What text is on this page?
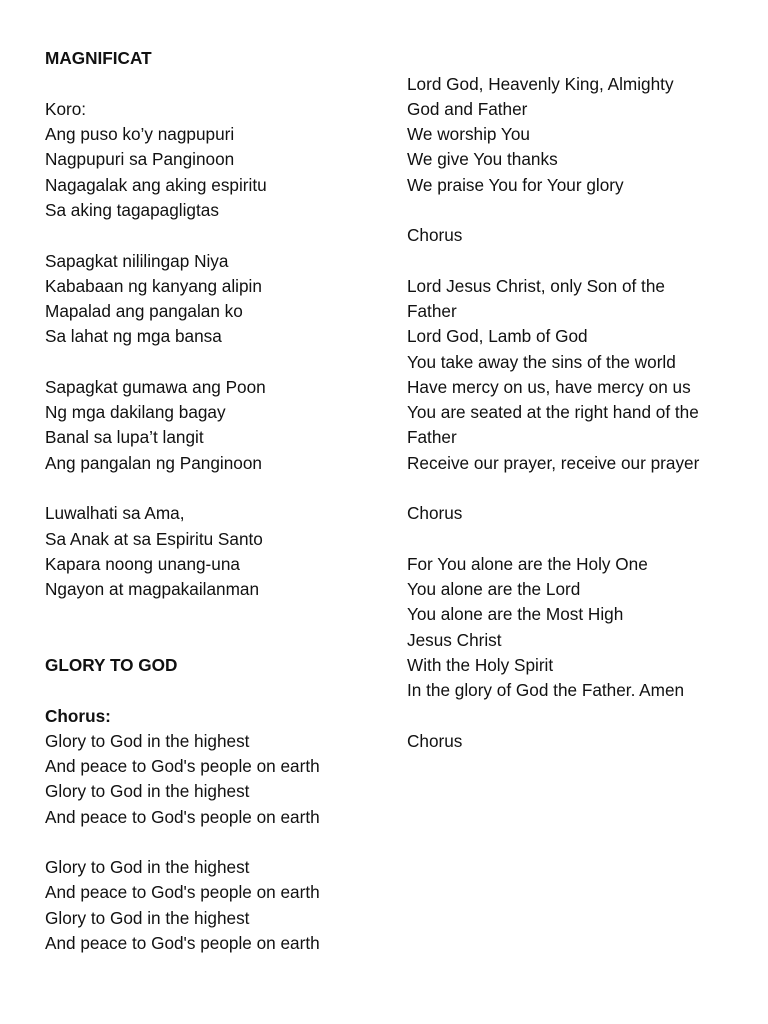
MAGNIFICAT
Koro:
Ang puso ko’y nagpupuri
Nagpupuri sa Panginoon
Nagagalak ang aking espiritu
Sa aking tagapagligtas
Sapagkat nililingap Niya
Kababaan ng kanyang alipin
Mapalad ang pangalan ko
Sa lahat ng mga bansa
Sapagkat gumawa ang Poon
Ng mga dakilang bagay
Banal sa lupa’t langit
Ang pangalan ng Panginoon
Luwalhati sa Ama,
Sa Anak at sa Espiritu Santo
Kapara noong unang-una
Ngayon at magpakailanman
GLORY TO GOD
Chorus:
Glory to God in the highest
And peace to God's people on earth
Glory to God in the highest
And peace to God's people on earth
Glory to God in the highest
And peace to God's people on earth
Glory to God in the highest
And peace to God's people on earth
Lord God, Heavenly King, Almighty
God and Father
We worship You
We give You thanks
We praise You for Your glory
Chorus
Lord Jesus Christ, only Son of the
Father
Lord God, Lamb of God
You take away the sins of the world
Have mercy on us, have mercy on us
You are seated at the right hand of the
Father
Receive our prayer, receive our prayer
Chorus
For You alone are the Holy One
You alone are the Lord
You alone are the Most High
Jesus Christ
With the Holy Spirit
In the glory of God the Father. Amen
Chorus
